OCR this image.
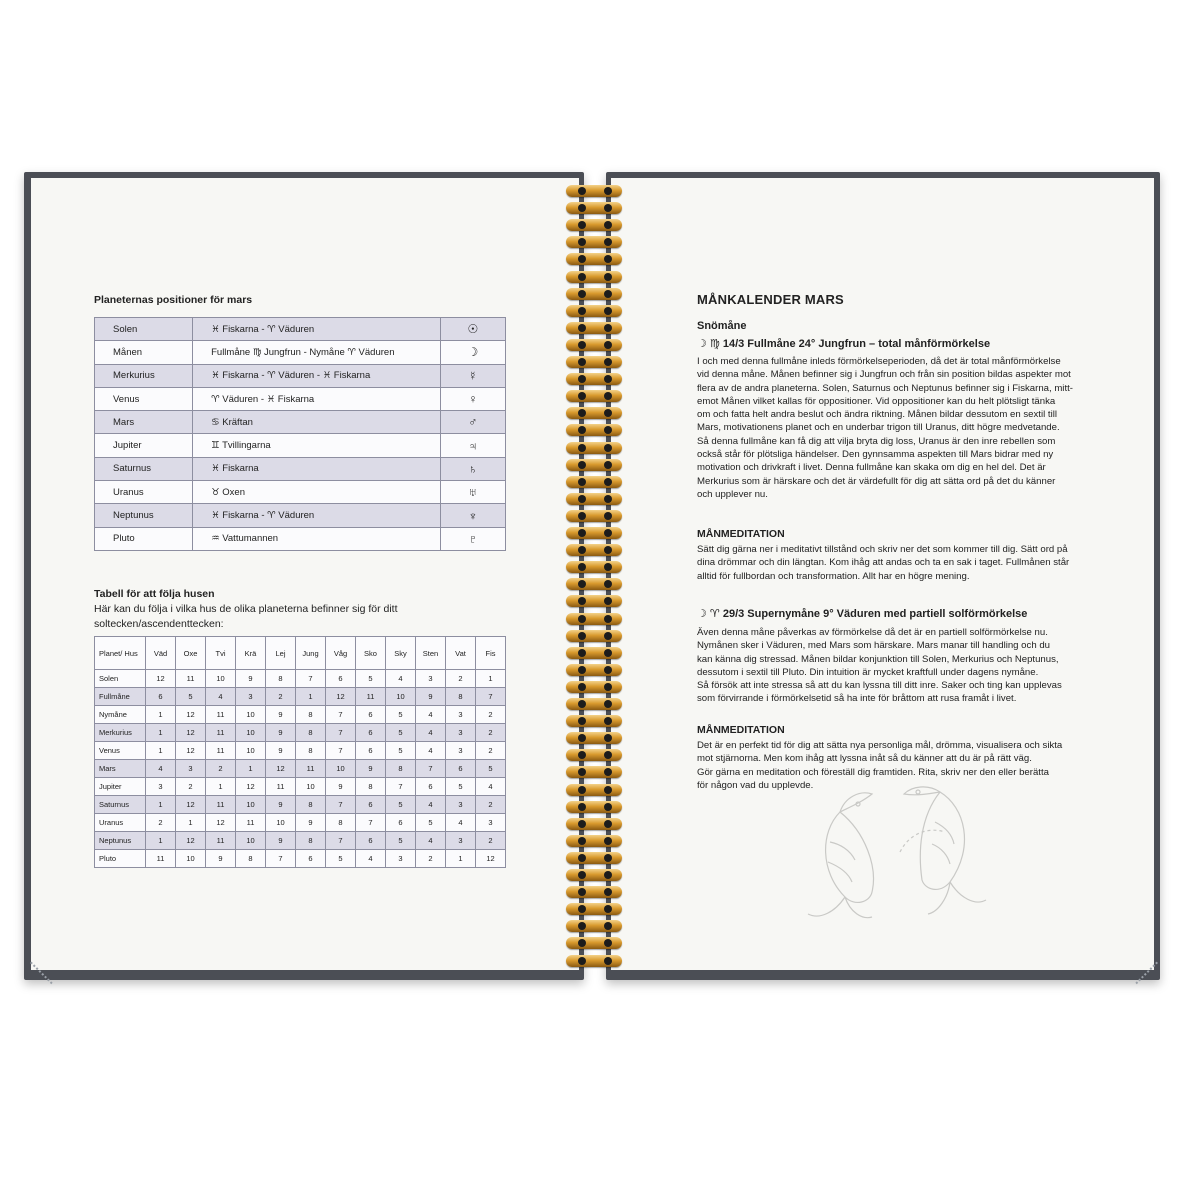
Planeternas positioner för mars
Solen	♓ Fiskarna - ♈ Väduren	☉
Månen	Fullmåne ♍ Jungfrun - Nymåne ♈ Väduren	☽
Merkurius	♓ Fiskarna - ♈ Väduren - ♓ Fiskarna	☿
Venus	♈ Väduren - ♓ Fiskarna	♀
Mars	♋ Kräftan	♂
Jupiter	♊ Tvillingarna	♃
Saturnus	♓ Fiskarna	♄
Uranus	♉ Oxen	♅
Neptunus	♓ Fiskarna - ♈ Väduren	♆
Pluto	♒ Vattumannen	♇
Tabell för att följa husen
Här kan du följa i vilka hus de olika planeterna befinner sig för ditt soltecken/ascendenttecken:
Planet/ Hus	Väd	Oxe	Tvi	Krä	Lej	Jung	Våg	Sko	Sky	Sten	Vat	Fis
Solen	12	11	10	9	8	7	6	5	4	3	2	1
Fullmåne	6	5	4	3	2	1	12	11	10	9	8	7
Nymåne	1	12	11	10	9	8	7	6	5	4	3	2
Merkurius	1	12	11	10	9	8	7	6	5	4	3	2
Venus	1	12	11	10	9	8	7	6	5	4	3	2
Mars	4	3	2	1	12	11	10	9	8	7	6	5
Jupiter	3	2	1	12	11	10	9	8	7	6	5	4
Saturnus	1	12	11	10	9	8	7	6	5	4	3	2
Uranus	2	1	12	11	10	9	8	7	6	5	4	3
Neptunus	1	12	11	10	9	8	7	6	5	4	3	2
Pluto	11	10	9	8	7	6	5	4	3	2	1	12
MÅNKALENDER MARS
Snömåne
☽ ♍ 14/3 Fullmåne 24° Jungfrun – total månförmörkelse

I och med denna fullmåne inleds förmörkelseperioden, då det är total månförmörkelse

vid denna måne. Månen befinner sig i Jungfrun och från sin position bildas aspekter mot

flera av de andra planeterna. Solen, Saturnus och Neptunus befinner sig i Fiskarna, mitt-

emot Månen vilket kallas för oppositioner. Vid oppositioner kan du helt plötsligt tänka

om och fatta helt andra beslut och ändra riktning. Månen bildar dessutom en sextil till

Mars, motivationens planet och en underbar trigon till Uranus, ditt högre medvetande.

Så denna fullmåne kan få dig att vilja bryta dig loss, Uranus är den inre rebellen som

också står för plötsliga händelser. Den gynnsamma aspekten till Mars bidrar med ny

motivation och drivkraft i livet. Denna fullmåne kan skaka om dig en hel del. Det är

Merkurius som är härskare och det är värdefullt för dig att sätta ord på det du känner

och upplever nu.

MÅNMEDITATION

Sätt dig gärna ner i meditativt tillstånd och skriv ner det som kommer till dig. Sätt ord på

dina drömmar och din längtan. Kom ihåg att andas och ta en sak i taget. Fullmånen står

alltid för fullbordan och transformation. Allt har en högre mening.

☽ ♈ 29/3 Supernymåne 9° Väduren med partiell solförmörkelse

Även denna måne påverkas av förmörkelse då det är en partiell solförmörkelse nu.

Nymånen sker i Väduren, med Mars som härskare. Mars manar till handling och du

kan känna dig stressad. Månen bildar konjunktion till Solen, Merkurius och Neptunus,

dessutom i sextil till Pluto. Din intuition är mycket kraftfull under dagens nymåne.

Så försök att inte stressa så att du kan lyssna till ditt inre. Saker och ting kan upplevas

som förvirrande i förmörkelsetid så ha inte för bråttom att rusa framåt i livet.

MÅNMEDITATION

Det är en perfekt tid för dig att sätta nya personliga mål, drömma, visualisera och sikta

mot stjärnorna. Men kom ihåg att lyssna inåt så du känner att du är på rätt väg.

Gör gärna en meditation och föreställ dig framtiden. Rita, skriv ner den eller berätta

för någon vad du upplevde.
